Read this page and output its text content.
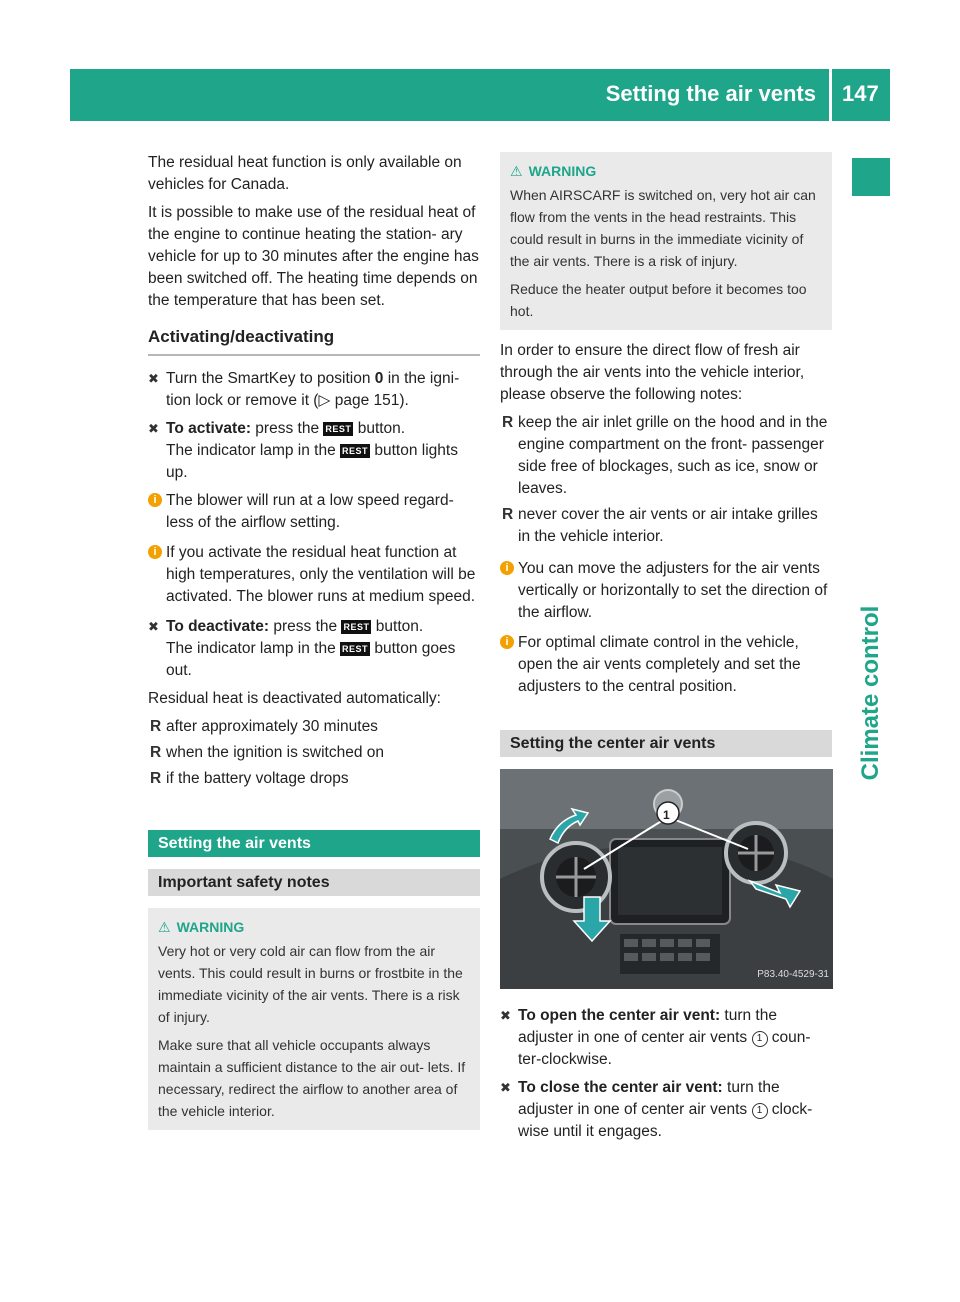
Setting the air vents 147
Climate control

The residual heat function is only available on vehicles for Canada.

It is possible to make use of the residual heat of the engine to continue heating the station- ary vehicle for up to 30 minutes after the engine has been switched off. The heating time depends on the temperature that has been set.

Activating/deactivating
✖ Turn the SmartKey to position 0 in the igni- tion lock or remove it (▷ page 151).
✖ To activate: press the REST button.
The indicator lamp in the REST button lights up.
i The blower will run at a low speed regard- less of the airflow setting.
i If you activate the residual heat function at high temperatures, only the ventilation will be activated. The blower runs at medium speed.
✖ To deactivate: press the REST button.
The indicator lamp in the REST button goes out.

Residual heat is deactivated automatically:

R after approximately 30 minutes
R when the ignition is switched on
R if the battery voltage drops
Setting the air vents
Important safety notes
⚠ WARNING

Very hot or very cold air can flow from the air vents. This could result in burns or frostbite in the immediate vicinity of the air vents. There is a risk of injury.

Make sure that all vehicle occupants always maintain a sufficient distance to the air out- lets. If necessary, redirect the airflow to another area of the vehicle interior.

⚠ WARNING

When AIRSCARF is switched on, very hot air can flow from the vents in the head restraints. This could result in burns in the immediate vicinity of the air vents. There is a risk of injury.

Reduce the heater output before it becomes too hot.

In order to ensure the direct flow of fresh air through the air vents into the vehicle interior, please observe the following notes:

R keep the air inlet grille on the hood and in the engine compartment on the front- passenger side free of blockages, such as ice, snow or leaves.
R never cover the air vents or air intake grilles in the vehicle interior.
i You can move the adjusters for the air vents vertically or horizontally to set the direction of the airflow.
i For optimal climate control in the vehicle, open the air vents completely and set the adjusters to the central position.
Setting the center air vents
1
P83.40-4529-31
✖ To open the center air vent: turn the adjuster in one of center air vents 1 coun- ter-clockwise.
✖ To close the center air vent: turn the adjuster in one of center air vents 1 clock- wise until it engages.
